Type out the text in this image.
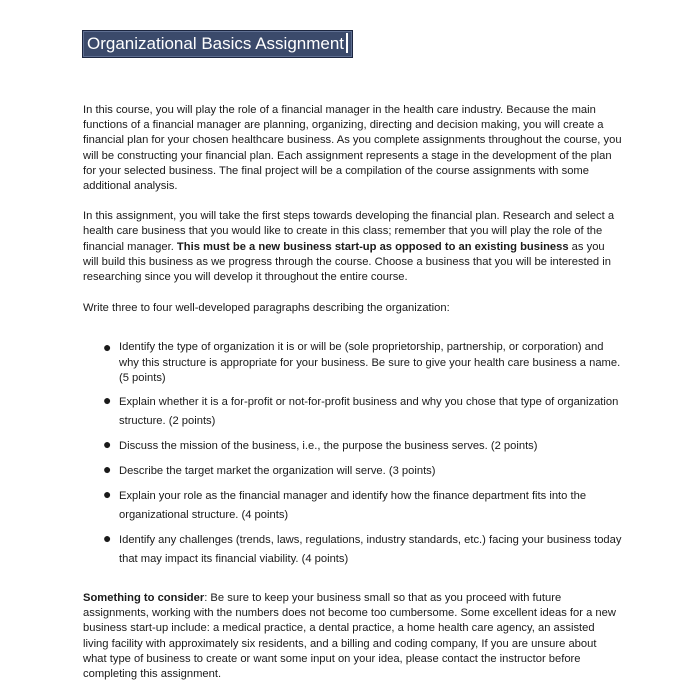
Organizational Basics Assignment

In this course, you will play the role of a financial manager in the health care industry. Because the main functions of a financial manager are planning, organizing, directing and decision making, you will create a financial plan for your chosen healthcare business. As you complete assignments throughout the course, you will be constructing your financial plan. Each assignment represents a stage in the development of the plan for your selected business. The final project will be a compilation of the course assignments with some additional analysis.

In this assignment, you will take the first steps towards developing the financial plan. Research and select a health care business that you would like to create in this class; remember that you will play the role of the financial manager. This must be a new business start-up as opposed to an existing business as you will build this business as we progress through the course. Choose a business that you will be interested in researching since you will develop it throughout the entire course.

Write three to four well-developed paragraphs describing the organization:

● Identify the type of organization it is or will be (sole proprietorship, partnership, or corporation) and why this structure is appropriate for your business. Be sure to give your health care business a name. (5 points)
● Explain whether it is a for-profit or not-for-profit business and why you chose that type of organization structure. (2 points)
● Discuss the mission of the business, i.e., the purpose the business serves. (2 points)
● Describe the target market the organization will serve. (3 points)
● Explain your role as the financial manager and identify how the finance department fits into the organizational structure. (4 points)
● Identify any challenges (trends, laws, regulations, industry standards, etc.) facing your business today that may impact its financial viability. (4 points)

Something to consider: Be sure to keep your business small so that as you proceed with future assignments, working with the numbers does not become too cumbersome. Some excellent ideas for a new business start-up include: a medical practice, a dental practice, a home health care agency, an assisted living facility with approximately six residents, and a billing and coding company, If you are unsure about what type of business to create or want some input on your idea, please contact the instructor before completing this assignment.
